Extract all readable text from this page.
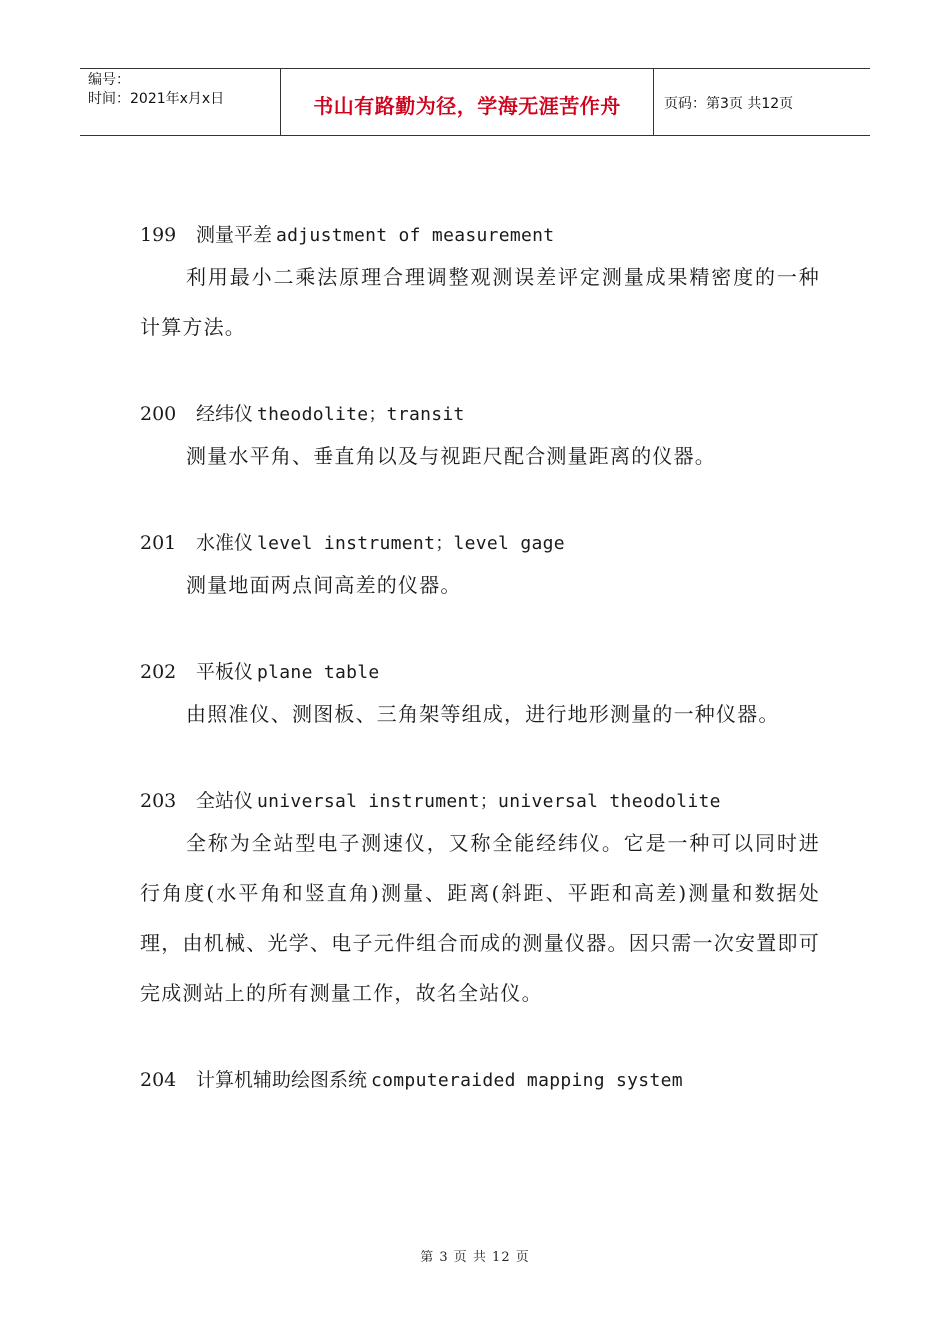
编号：
时间：2021年x月x日	书山有路勤为径，学海无涯苦作舟	页码：第3页 共12页
199 测量平差 adjustment of measurement

利用最小二乘法原理合理调整观测误差评定测量成果精密度的一种计算方法。

200 经纬仪 theodolite；transit

测量水平角、垂直角以及与视距尺配合测量距离的仪器。

201 水准仪 level instrument；level gage

测量地面两点间高差的仪器。

202 平板仪 plane table

由照准仪、测图板、三角架等组成，进行地形测量的一种仪器。

203 全站仪 universal instrument；universal theodolite

全称为全站型电子测速仪，又称全能经纬仪。它是一种可以同时进行角度(水平角和竖直角)测量、距离(斜距、平距和高差)测量和数据处理，由机械、光学、电子元件组合而成的测量仪器。因只需一次安置即可完成测站上的所有测量工作，故名全站仪。

204 计算机辅助绘图系统 computeraided mapping system
第 3 页 共 12 页
